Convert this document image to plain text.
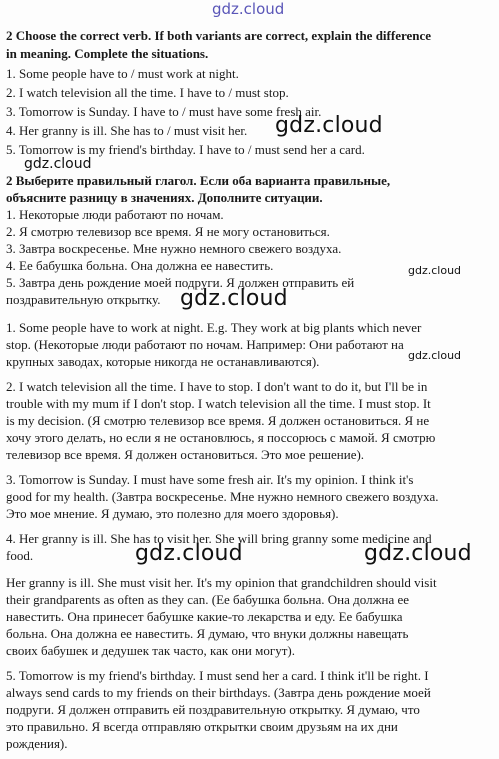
gdz.cloud
2 Choose the correct verb. If both variants are correct, explain the difference
in meaning. Complete the situations.
1. Some people have to / must work at night.
2. I watch television all the time. I have to / must stop.
3. Tomorrow is Sunday. I have to / must have some fresh air.
4. Her granny is ill. She has to / must visit her.
5. Tomorrow is my friend's birthday. I have to / must send her a card.
2 Выберите правильный глагол. Если оба варианта правильные,
объясните разницу в значениях. Дополните ситуации.
1. Некоторые люди работают по ночам.
2. Я смотрю телевизор все время. Я не могу остановиться.
3. Завтра воскресенье. Мне нужно немного свежего воздуха.
4. Ее бабушка больна. Она должна ее навестить.
5. Завтра день рождение моей подруги. Я должен отправить ей
поздравительную открытку.
1. Some people have to work at night. E.g. They work at big plants which never
stop. (Некоторые люди работают по ночам. Например: Они работают на
крупных заводах, которые никогда не останавливаются).
2. I watch television all the time. I have to stop. I don't want to do it, but I'll be in
trouble with my mum if I don't stop. I watch television all the time. I must stop. It
is my decision. (Я смотрю телевизор все время. Я должен остановиться. Я не
хочу этого делать, но если я не остановлюсь, я поссорюсь с мамой. Я смотрю
телевизор все время. Я должен остановиться. Это мое решение).
3. Tomorrow is Sunday. I must have some fresh air. It's my opinion. I think it's
good for my health. (Завтра воскресенье. Мне нужно немного свежего воздуха.
Это мое мнение. Я думаю, это полезно для моего здоровья).
4. Her granny is ill. She has to visit her. She will bring granny some medicine and
food.
Her granny is ill. She must visit her. It's my opinion that grandchildren should visit
their grandparents as often as they can. (Ее бабушка больна. Она должна ее
навестить. Она принесет бабушке какие-то лекарства и еду. Ее бабушка
больна. Она должна ее навестить. Я думаю, что внуки должны навещать
своих бабушек и дедушек так часто, как они могут).
5. Tomorrow is my friend's birthday. I must send her a card. I think it'll be right. I
always send cards to my friends on their birthdays. (Завтра день рождение моей
подруги. Я должен отправить ей поздравительную открытку. Я думаю, что
это правильно. Я всегда отправляю открытки своим друзьям на их дни
рождения).
gdz.cloud
gdz.cloud
gdz.cloud
gdz.cloud
gdz.cloud
gdz.cloud	gdz.cloud
